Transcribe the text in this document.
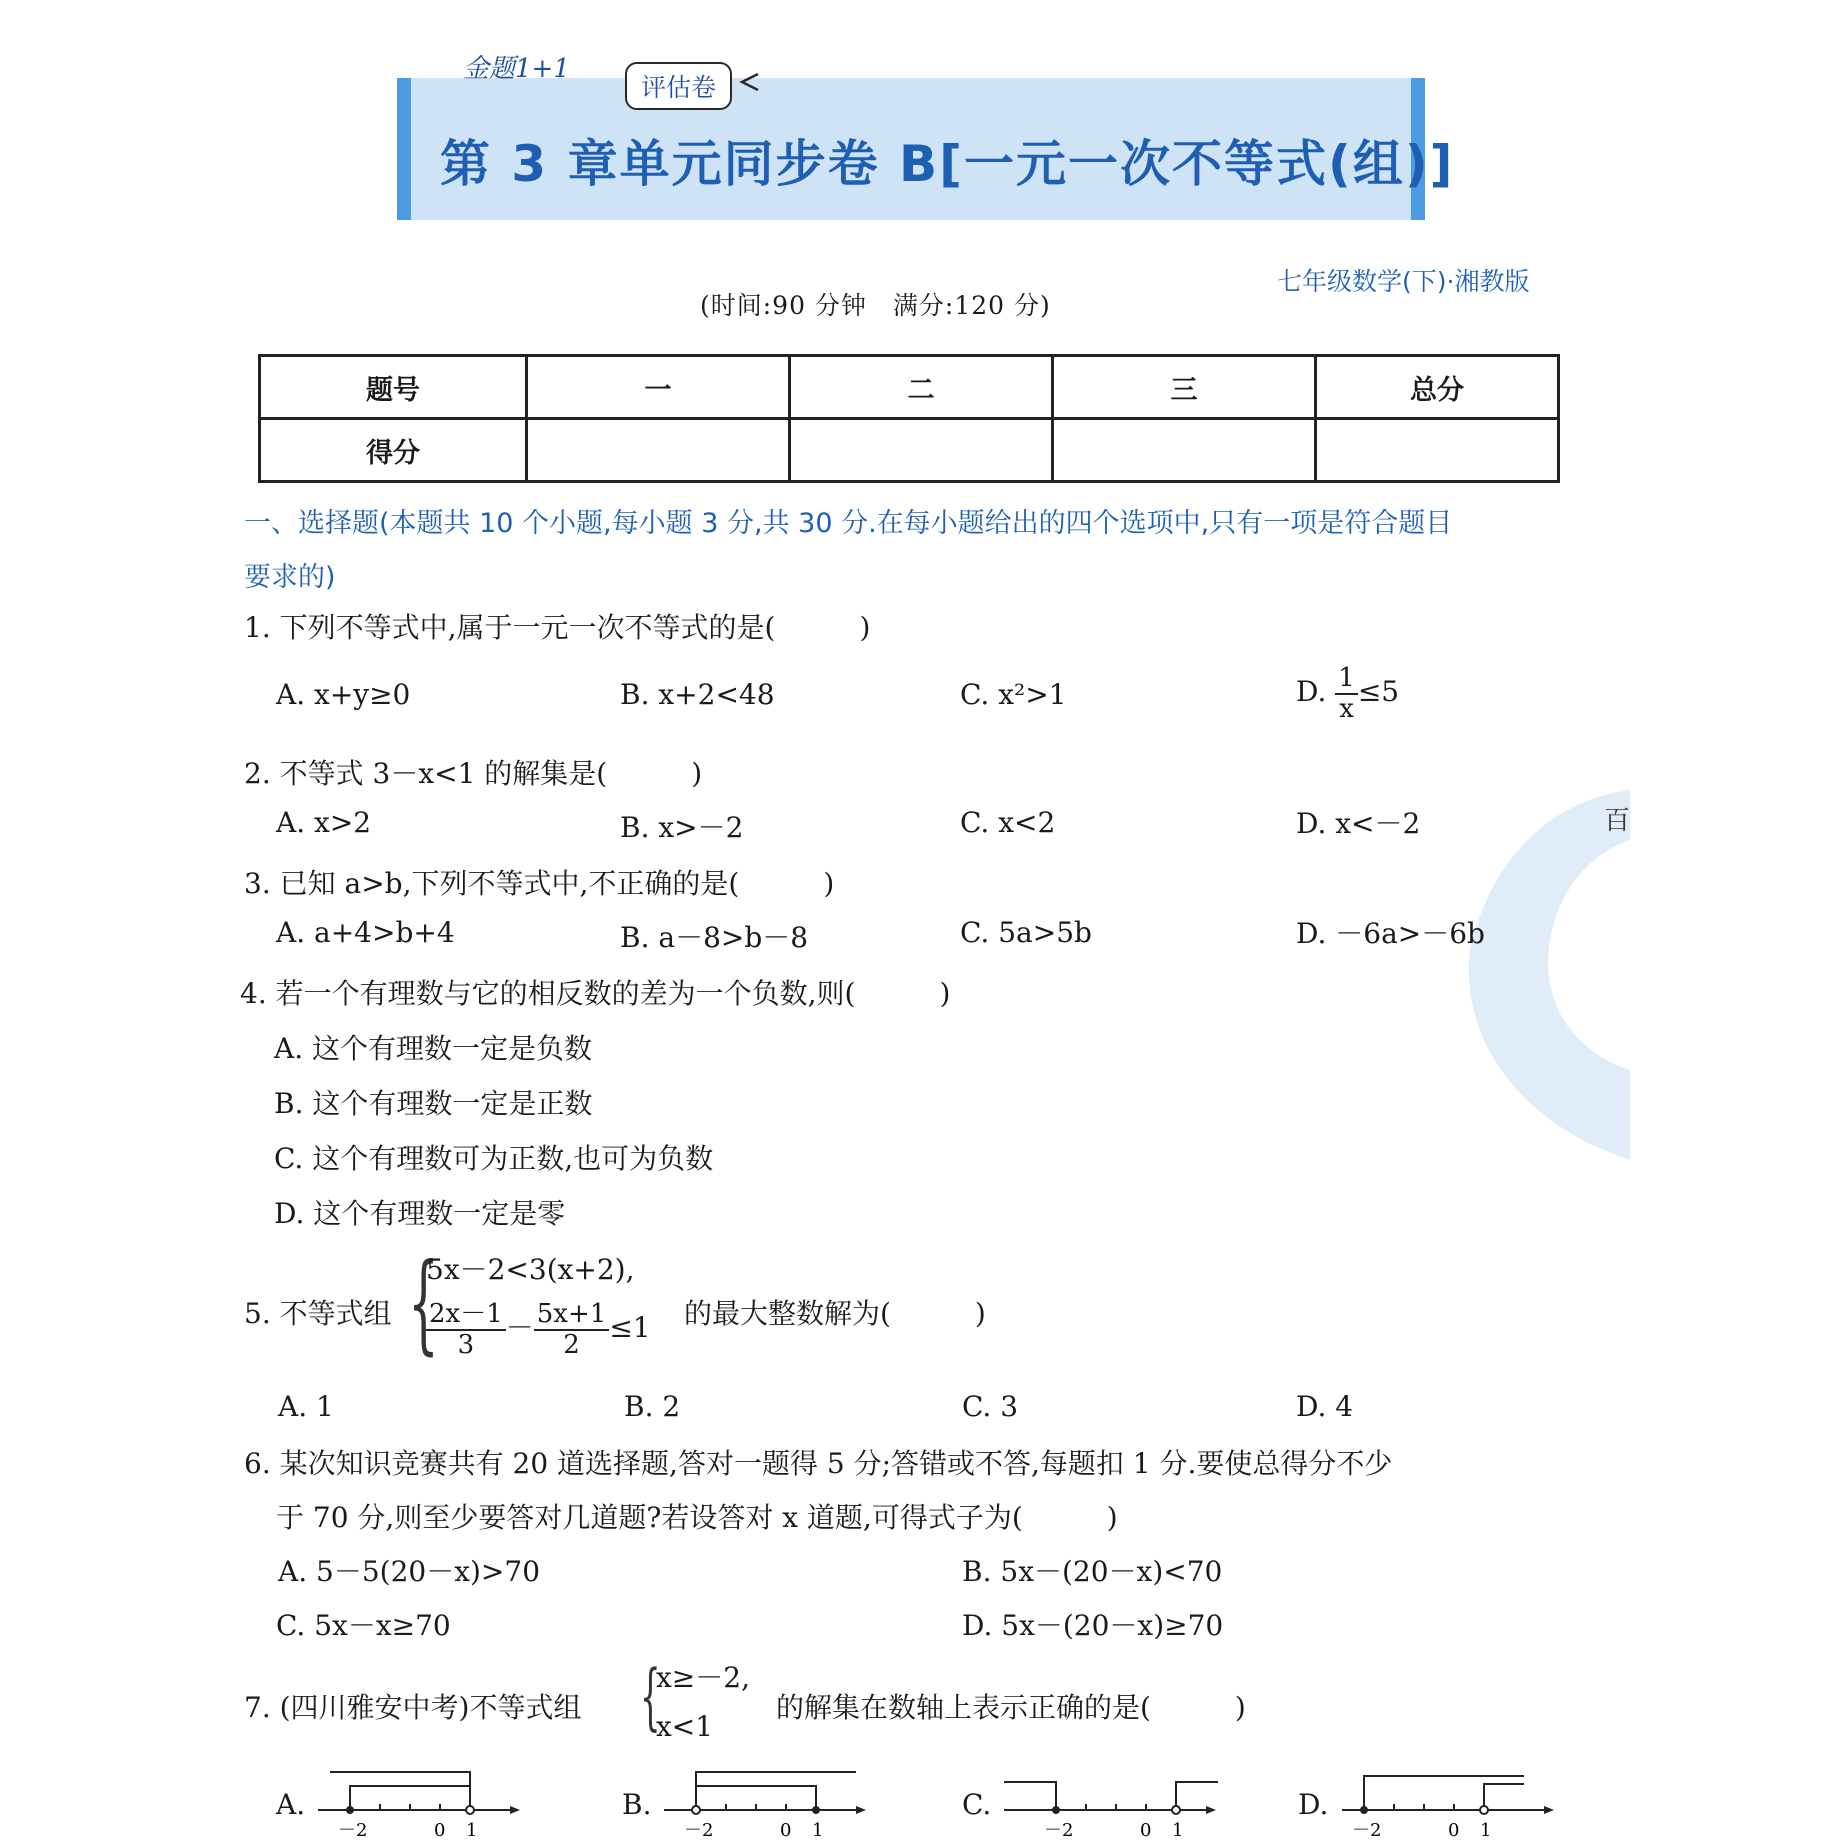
百
金题1+1
评估卷
第 3 章单元同步卷 B[一元一次不等式(组)]
七年级数学(下)·湘教版
(时间:90 分钟　满分:120 分)
题号	一	二	三	总分
得分				
一、选择题(本题共 10 个小题,每小题 3 分,共 30 分.在每小题给出的四个选项中,只有一项是符合题目
要求的)
1. 下列不等式中,属于一元一次不等式的是(　　　)
A. x+y≥0	B. x+2<48	C. x²>1	D. $\frac{1}{x} \le 5$
2. 不等式 3－x<1 的解集是(　　　)
A. x>2	B. x>－2	C. x<2	D. x<－2
3. 已知 a>b,下列不等式中,不正确的是(　　　)
A. a+4>b+4	B. a－8>b－8	C. 5a>5b	D. －6a>－6b
4. 若一个有理数与它的相反数的差为一个负数,则(　　　)
A. 这个有理数一定是负数
B. 这个有理数一定是正数
C. 这个有理数可为正数,也可为负数
D. 这个有理数一定是零
5. 不等式组 {
5x－2<3(x+2),
$\frac{2x-1}{3} - \frac{5x+1}{2} \le 1$ 的最大整数解为(　　　)
A. 1	B. 2	C. 3	D. 4
6. 某次知识竞赛共有 20 道选择题,答对一题得 5 分;答错或不答,每题扣 1 分.要使总得分不少
于 70 分,则至少要答对几道题?若设答对 x 道题,可得式子为(　　　)
A. 5－5(20－x)>70	B. 5x－(20－x)<70
C. 5x－x≥70	D. 5x－(20－x)≥70
7. (四川雅安中考)不等式组 {
x≥－2,
x<1
的解集在数轴上表示正确的是(　　　)
A.	B.	C.	D.
－2	0 1	－2	0 1	－2	0 1	－2	0 1
